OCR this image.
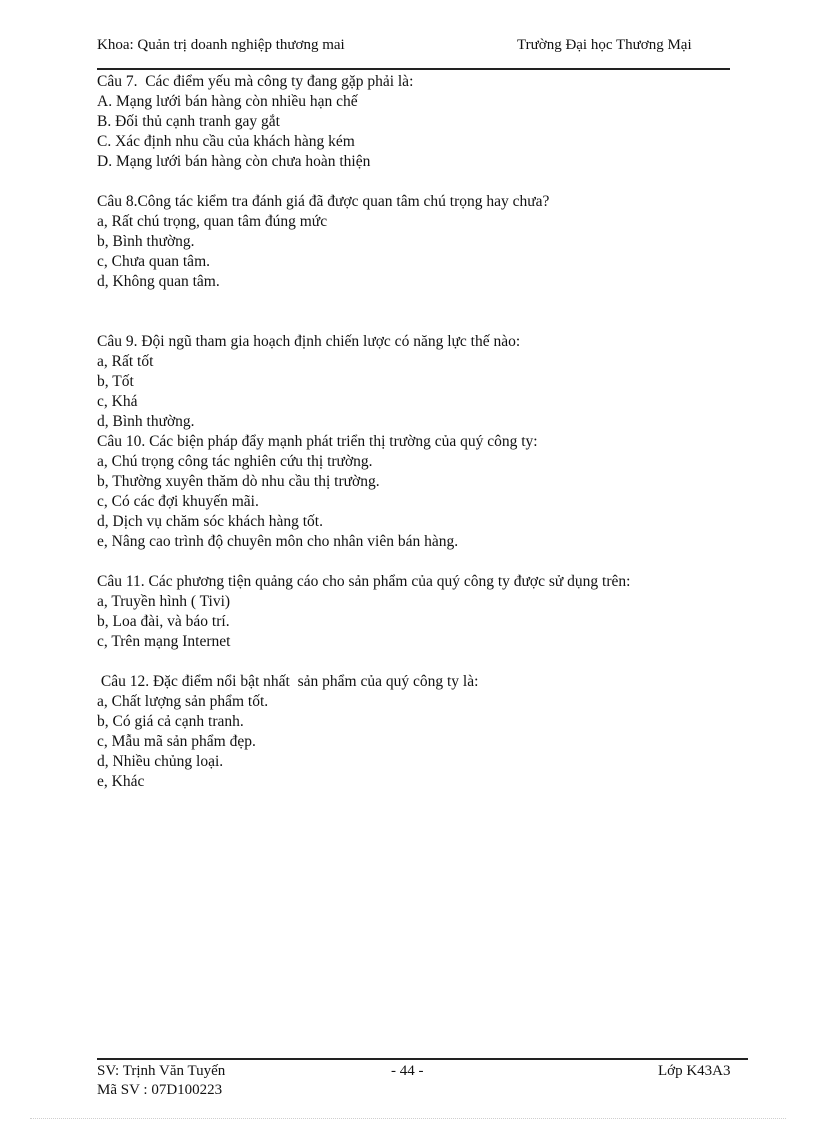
Khoa: Quản trị doanh nghiệp thương mai	Trường Đại học Thương Mại
Câu 7.  Các điểm yếu mà công ty đang gặp phải là:
A. Mạng lưới bán hàng còn nhiều hạn chế
B. Đối thủ cạnh tranh gay gắt
C. Xác định nhu cầu của khách hàng kém
D. Mạng lưới bán hàng còn chưa hoàn thiện
Câu 8.Công tác kiểm tra đánh giá đã được quan tâm chú trọng hay chưa?
a, Rất chú trọng, quan tâm đúng mức
b, Bình thường.
c, Chưa quan tâm.
d, Không quan tâm.
Câu 9. Đội ngũ tham gia hoạch định chiến lược có năng lực thế nào:
a, Rất tốt
b, Tốt
c, Khá
d, Bình thường.
Câu 10. Các biện pháp đẩy mạnh phát triển thị trường của quý công ty:
a, Chú trọng công tác nghiên cứu thị trường.
b, Thường xuyên thăm dò nhu cầu thị trường.
c, Có các đợi khuyến mãi.
d, Dịch vụ chăm sóc khách hàng tốt.
e, Nâng cao trình độ chuyên môn cho nhân viên bán hàng.
Câu 11. Các phương tiện quảng cáo cho sản phẩm của quý công ty được sử dụng trên:
a, Truyền hình ( Tivi)
b, Loa đài, và báo trí.
c, Trên mạng Internet
Câu 12. Đặc điểm nổi bật nhất  sản phẩm của quý công ty là:
a, Chất lượng sản phẩm tốt.
b, Có giá cả cạnh tranh.
c, Mẫu mã sản phẩm đẹp.
d, Nhiều chủng loại.
e, Khác
SV: Trịnh Văn Tuyến	- 44 -	Lớp K43A3
Mã SV : 07D100223
